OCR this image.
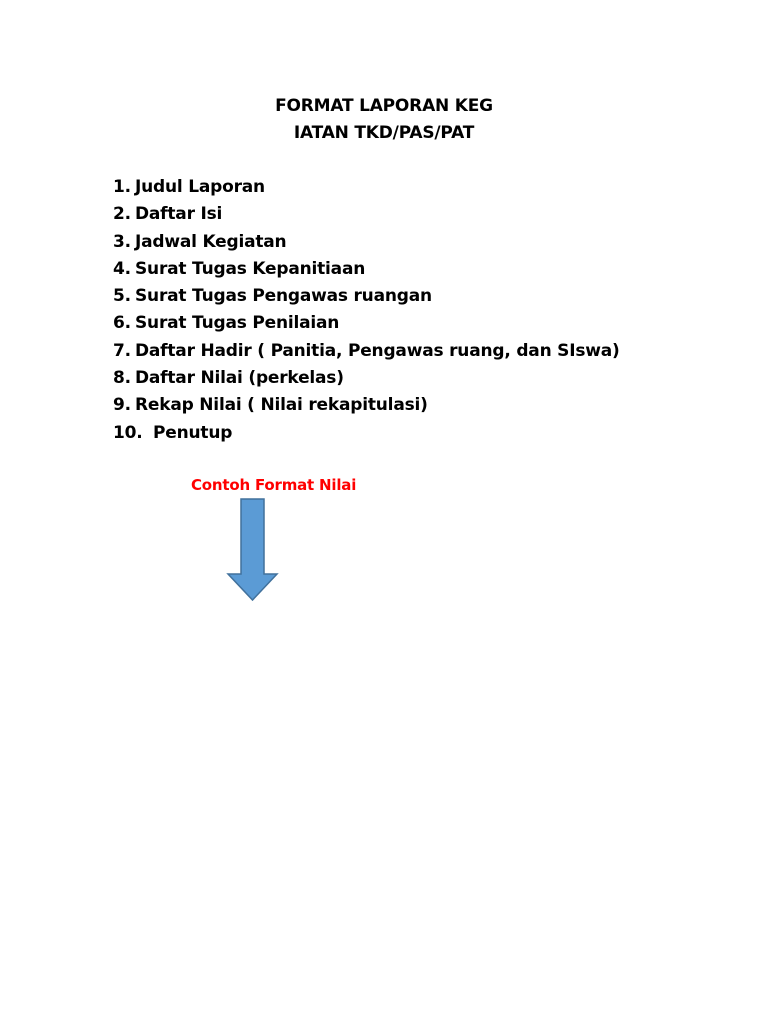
FORMAT LAPORAN KEG
IATAN TKD/PAS/PAT
1. Judul Laporan
2. Daftar Isi
3. Jadwal Kegiatan
4. Surat Tugas Kepanitiaan
5. Surat Tugas Pengawas ruangan
6. Surat Tugas Penilaian
7. Daftar Hadir ( Panitia, Pengawas ruang, dan SIswa)
8. Daftar Nilai (perkelas)
9. Rekap Nilai ( Nilai rekapitulasi)
10. Penutup
Contoh Format Nilai
